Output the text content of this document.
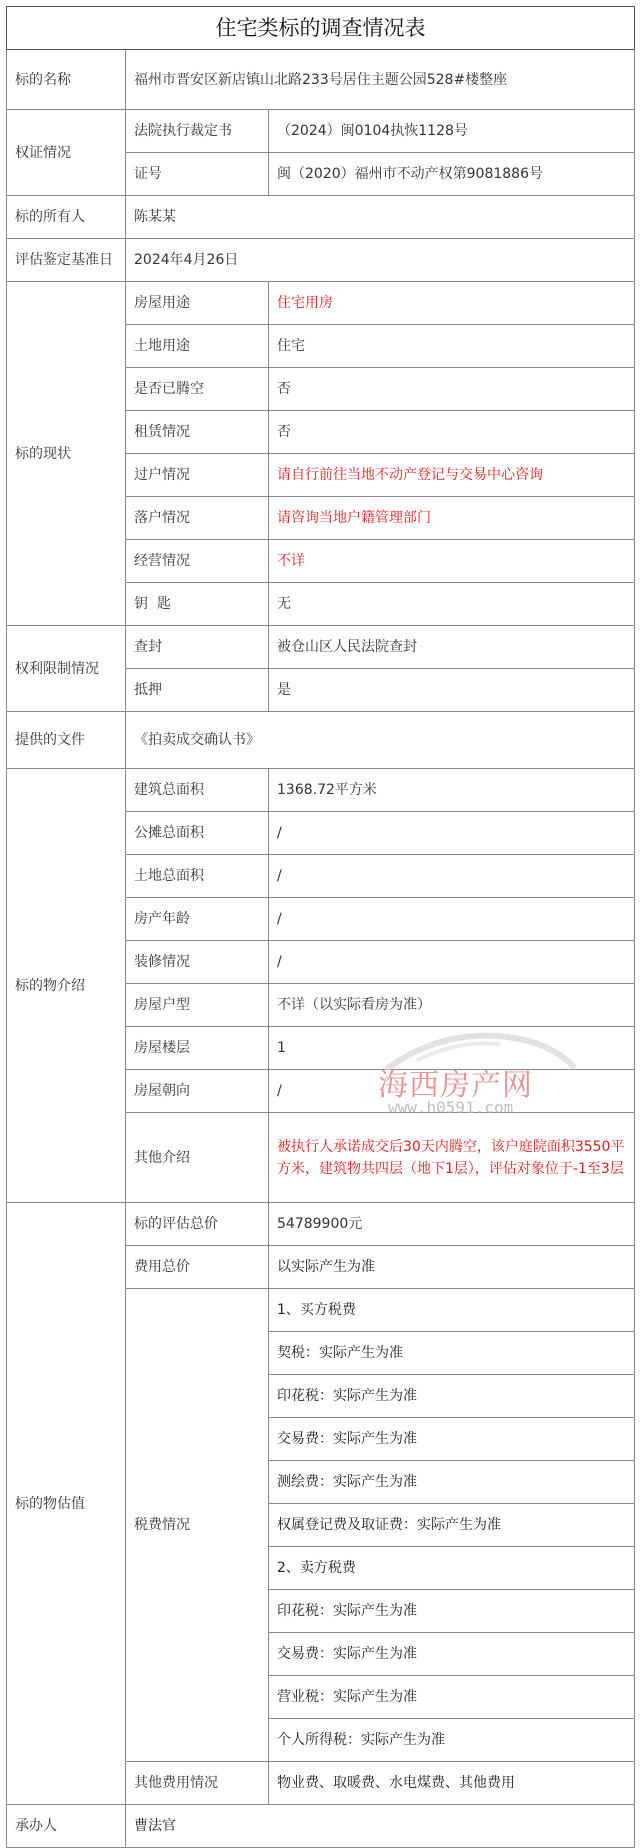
住宅类标的调查情况表		
标的名称	福州市晋安区新店镇山北路233号居住主题公园528#楼整座	
权证情况	法院执行裁定书	（2024）闽0104执恢1128号
	证号	闽（2020）福州市不动产权第9081886号
标的所有人	陈某某	
评估鉴定基准日	2024年4月26日	
标的现状	房屋用途	住宅用房
	土地用途	住宅
	是否已腾空	否
	租赁情况	否
	过户情况	请自行前往当地不动产登记与交易中心咨询
	落户情况	请咨询当地户籍管理部门
	经营情况	不详
	钥  匙	无
权利限制情况	查封	被仓山区人民法院查封
	抵押	是
提供的文件	《拍卖成交确认书》	
标的物介绍	建筑总面积	1368.72平方米
	公摊总面积	/
	土地总面积	/
	房产年龄	/
	装修情况	/
	房屋户型	不详（以实际看房为准）
	房屋楼层	1
	房屋朝向	/
	其他介绍	被执行人承诺成交后30天内腾空，该户庭院面积3550平方米，建筑物共四层（地下1层），评估对象位于-1至3层
标的物估值	标的评估总价	54789900元
	费用总价	以实际产生为准
	税费情况	1、买方税费
		契税：实际产生为准
		印花税：实际产生为准
		交易费：实际产生为准
		测绘费：实际产生为准
		权属登记费及取证费：实际产生为准
		2、卖方税费
		印花税：实际产生为准
		交易费：实际产生为准
		营业税：实际产生为准
		个人所得税：实际产生为准
	其他费用情况	物业费、取暖费、水电煤费、其他费用
承办人	曹法官	
海西房产网
www.h0591.com
